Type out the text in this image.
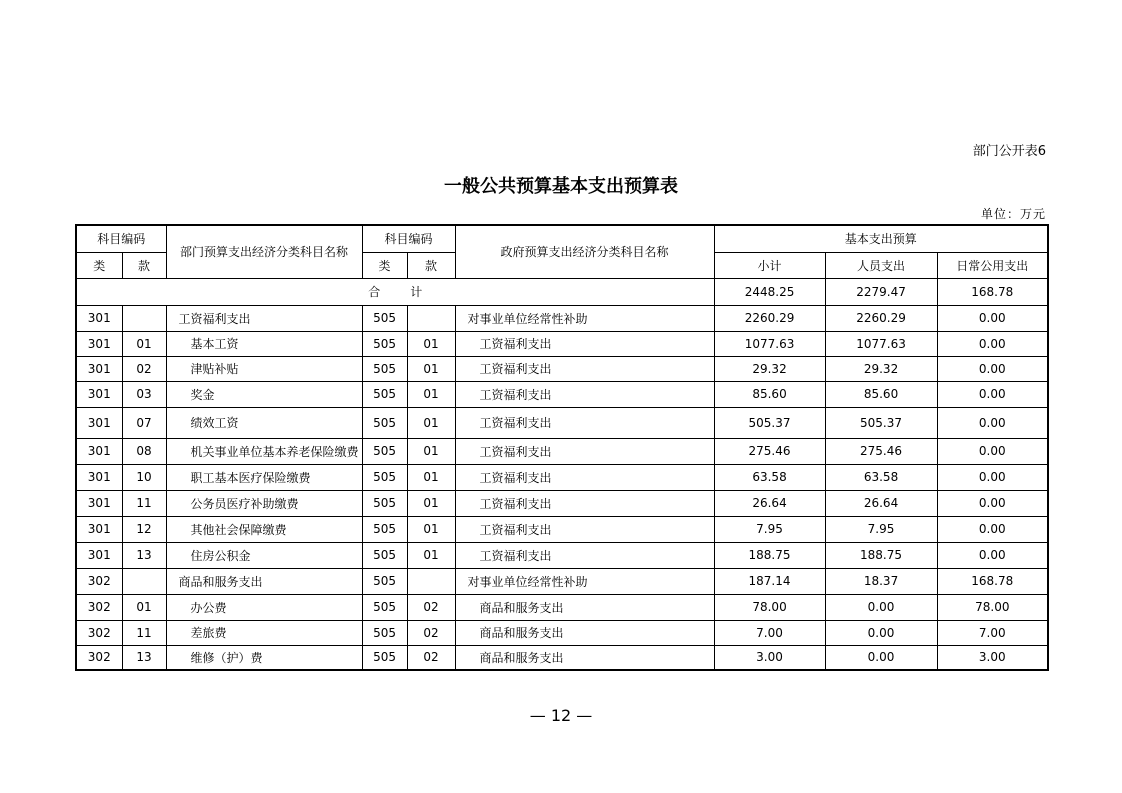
部门公开表6
一般公共预算基本支出预算表
单位：万元
科目编码		部门预算支出经济分类科目名称	科目编码		政府预算支出经济分类科目名称	基本支出预算		
类	款		类	款		小计	人员支出	日常公用支出
合计						2448.25	2279.47	168.78
301		工资福利支出	505		对事业单位经常性补助	2260.29	2260.29	0.00
301	01	基本工资	505	01	工资福利支出	1077.63	1077.63	0.00
301	02	津贴补贴	505	01	工资福利支出	29.32	29.32	0.00
301	03	奖金	505	01	工资福利支出	85.60	85.60	0.00
301	07	绩效工资	505	01	工资福利支出	505.37	505.37	0.00
301	08	机关事业单位基本养老保险缴费	505	01	工资福利支出	275.46	275.46	0.00
301	10	职工基本医疗保险缴费	505	01	工资福利支出	63.58	63.58	0.00
301	11	公务员医疗补助缴费	505	01	工资福利支出	26.64	26.64	0.00
301	12	其他社会保障缴费	505	01	工资福利支出	7.95	7.95	0.00
301	13	住房公积金	505	01	工资福利支出	188.75	188.75	0.00
302		商品和服务支出	505		对事业单位经常性补助	187.14	18.37	168.78
302	01	办公费	505	02	商品和服务支出	78.00	0.00	78.00
302	11	差旅费	505	02	商品和服务支出	7.00	0.00	7.00
302	13	维修（护）费	505	02	商品和服务支出	3.00	0.00	3.00
— 12 —
